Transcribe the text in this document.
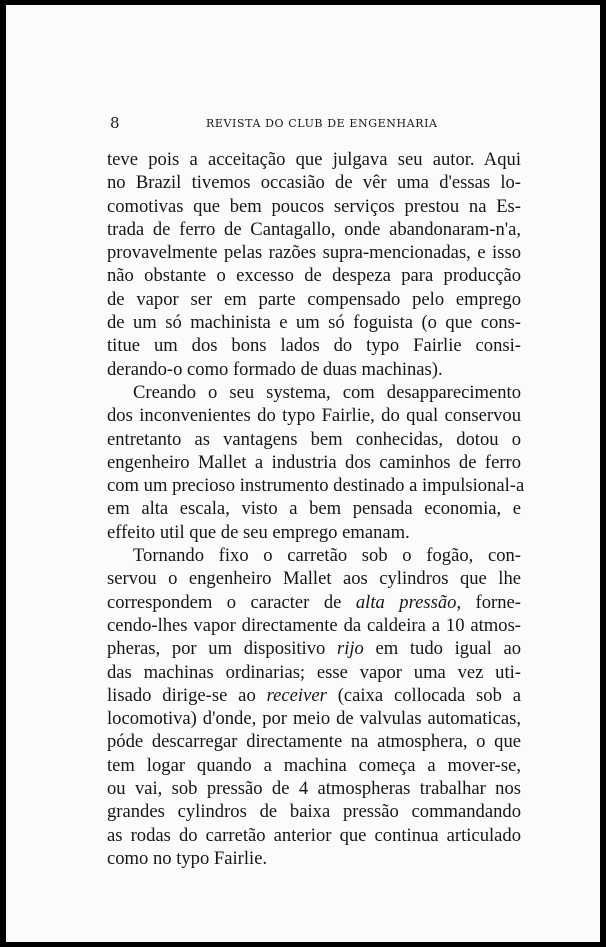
8	REVISTA DO CLUB DE ENGENHARIA
teve pois a acceitação que julgava seu autor. Aqui
no Brazil tivemos occasião de vêr uma d'essas lo-
comotivas que bem poucos serviços prestou na Es-
trada de ferro de Cantagallo, onde abandonaram-n'a,
provavelmente pelas razões supra-mencionadas, e isso
não obstante o excesso de despeza para producção
de vapor ser em parte compensado pelo emprego
de um só machinista e um só foguista (o que cons-
titue um dos bons lados do typo Fairlie consi-
derando-o como formado de duas machinas).
Creando o seu systema, com desapparecimento
dos inconvenientes do typo Fairlie, do qual conservou
entretanto as vantagens bem conhecidas, dotou o
engenheiro Mallet a industria dos caminhos de ferro
com um precioso instrumento destinado a impulsional-a
em alta escala, visto a bem pensada economia, e
effeito util que de seu emprego emanam.
Tornando fixo o carretão sob o fogão, con-
servou o engenheiro Mallet aos cylindros que lhe
correspondem o caracter de alta pressão, forne-
cendo-lhes vapor directamente da caldeira a 10 atmos-
pheras, por um dispositivo rijo em tudo igual ao
das machinas ordinarias; esse vapor uma vez uti-
lisado dirige-se ao receiver (caixa collocada sob a
locomotiva) d'onde, por meio de valvulas automaticas,
póde descarregar directamente na atmosphera, o que
tem logar quando a machina começa a mover-se,
ou vai, sob pressão de 4 atmospheras trabalhar nos
grandes cylindros de baixa pressão commandando
as rodas do carretão anterior que continua articulado
como no typo Fairlie.
